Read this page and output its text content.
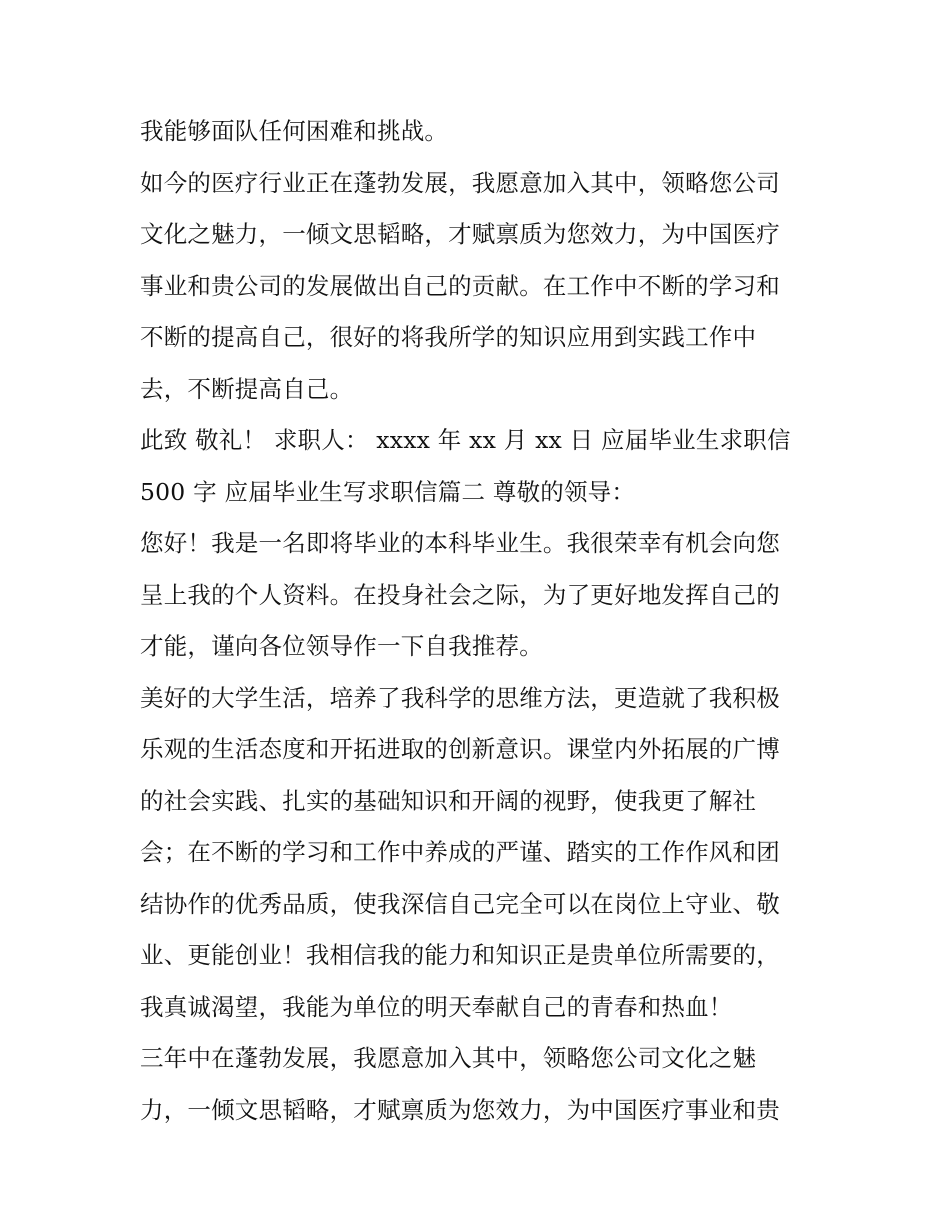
我能够面队任何困难和挑战。
如今的医疗行业正在蓬勃发展，我愿意加入其中，领略您公司
文化之魅力，一倾文思韬略，才赋禀质为您效力，为中国医疗
事业和贵公司的发展做出自己的贡献。在工作中不断的学习和
不断的提高自己，很好的将我所学的知识应用到实践工作中
去，不断提高自己。
此致 敬礼！ 求职人： xxxx 年 xx 月 xx 日 应届毕业生求职信
500 字 应届毕业生写求职信篇二 尊敬的领导：
您好！我是一名即将毕业的本科毕业生。我很荣幸有机会向您
呈上我的个人资料。在投身社会之际，为了更好地发挥自己的
才能，谨向各位领导作一下自我推荐。
美好的大学生活，培养了我科学的思维方法，更造就了我积极
乐观的生活态度和开拓进取的创新意识。课堂内外拓展的广博
的社会实践、扎实的基础知识和开阔的视野，使我更了解社
会；在不断的学习和工作中养成的严谨、踏实的工作作风和团
结协作的优秀品质，使我深信自己完全可以在岗位上守业、敬
业、更能创业！我相信我的能力和知识正是贵单位所需要的，
我真诚渴望，我能为单位的明天奉献自己的青春和热血！
三年中在蓬勃发展，我愿意加入其中，领略您公司文化之魅
力，一倾文思韬略，才赋禀质为您效力，为中国医疗事业和贵
